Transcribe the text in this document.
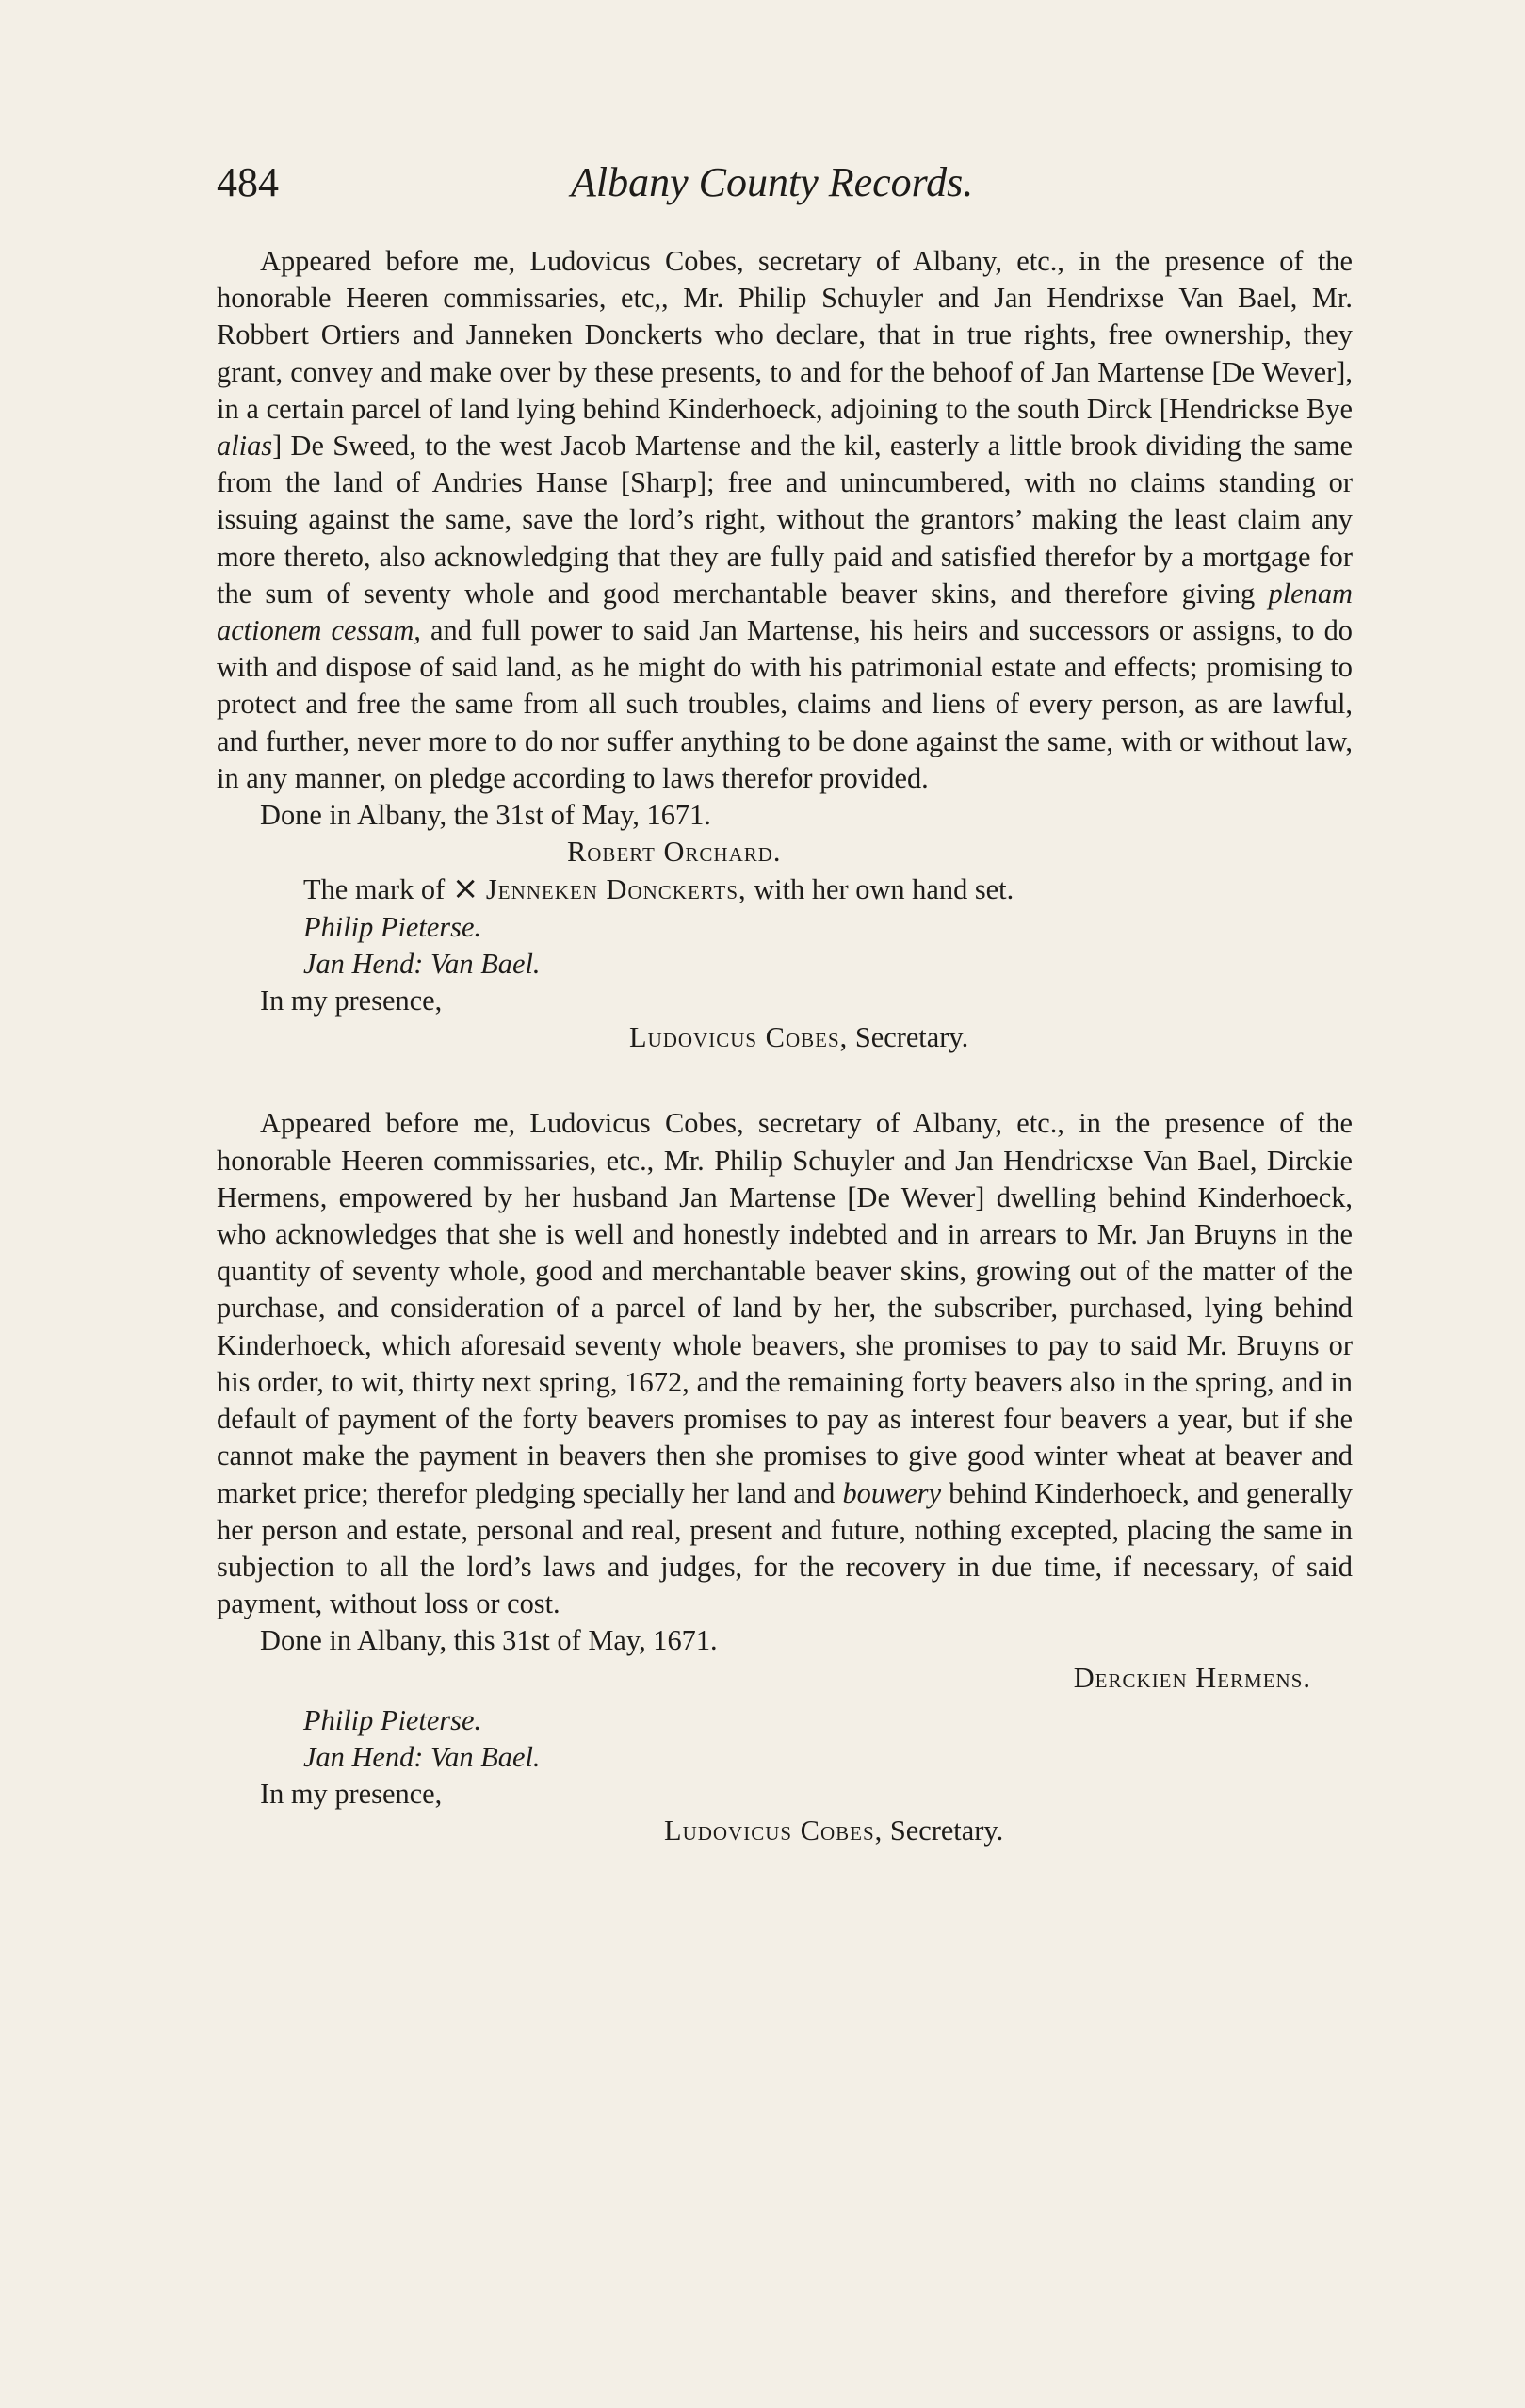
484	Albany County Records.

Appeared before me, Ludovicus Cobes, secretary of Albany, etc., in the presence of the honorable Heeren commissaries, etc,, Mr. Philip Schuyler and Jan Hendrixse Van Bael, Mr. Robbert Ortiers and Janneken Donckerts who declare, that in true rights, free ownership, they grant, convey and make over by these presents, to and for the behoof of Jan Martense [De Wever], in a certain parcel of land lying behind Kinderhoeck, adjoining to the south Dirck [Hendrickse Bye alias] De Sweed, to the west Jacob Martense and the kil, easterly a little brook dividing the same from the land of Andries Hanse [Sharp]; free and unincumbered, with no claims standing or issuing against the same, save the lord’s right, without the grantors’ making the least claim any more thereto, also acknowledging that they are fully paid and satisfied therefor by a mortgage for the sum of seventy whole and good merchantable beaver skins, and therefore giving plenam actionem cessam, and full power to said Jan Martense, his heirs and successors or assigns, to do with and dispose of said land, as he might do with his patrimonial estate and effects; promising to protect and free the same from all such troubles, claims and liens of every person, as are lawful, and further, never more to do nor suffer anything to be done against the same, with or without law, in any manner, on pledge according to laws therefor provided.

Done in Albany, the 31st of May, 1671.

Robert Orchard.

The mark of × Jenneken Donckerts, with her own hand set.

Philip Pieterse.

Jan Hend: Van Bael.

In my presence,

Ludovicus Cobes, Secretary.

Appeared before me, Ludovicus Cobes, secretary of Albany, etc., in the presence of the honorable Heeren commissaries, etc., Mr. Philip Schuyler and Jan Hendricxse Van Bael, Dirckie Hermens, empowered by her husband Jan Martense [De Wever] dwelling behind Kinderhoeck, who acknowledges that she is well and honestly indebted and in arrears to Mr. Jan Bruyns in the quantity of seventy whole, good and merchantable beaver skins, growing out of the matter of the purchase, and consideration of a parcel of land by her, the subscriber, purchased, lying behind Kinderhoeck, which aforesaid seventy whole beavers, she promises to pay to said Mr. Bruyns or his order, to wit, thirty next spring, 1672, and the remaining forty beavers also in the spring, and in default of payment of the forty beavers promises to pay as interest four beavers a year, but if she cannot make the payment in beavers then she promises to give good winter wheat at beaver and market price; therefor pledging specially her land and bouwery behind Kinderhoeck, and generally her person and estate, personal and real, present and future, nothing excepted, placing the same in subjection to all the lord’s laws and judges, for the recovery in due time, if necessary, of said payment, without loss or cost.

Done in Albany, this 31st of May, 1671.

Derckien Hermens.

Philip Pieterse.

Jan Hend: Van Bael.

In my presence,

Ludovicus Cobes, Secretary.
